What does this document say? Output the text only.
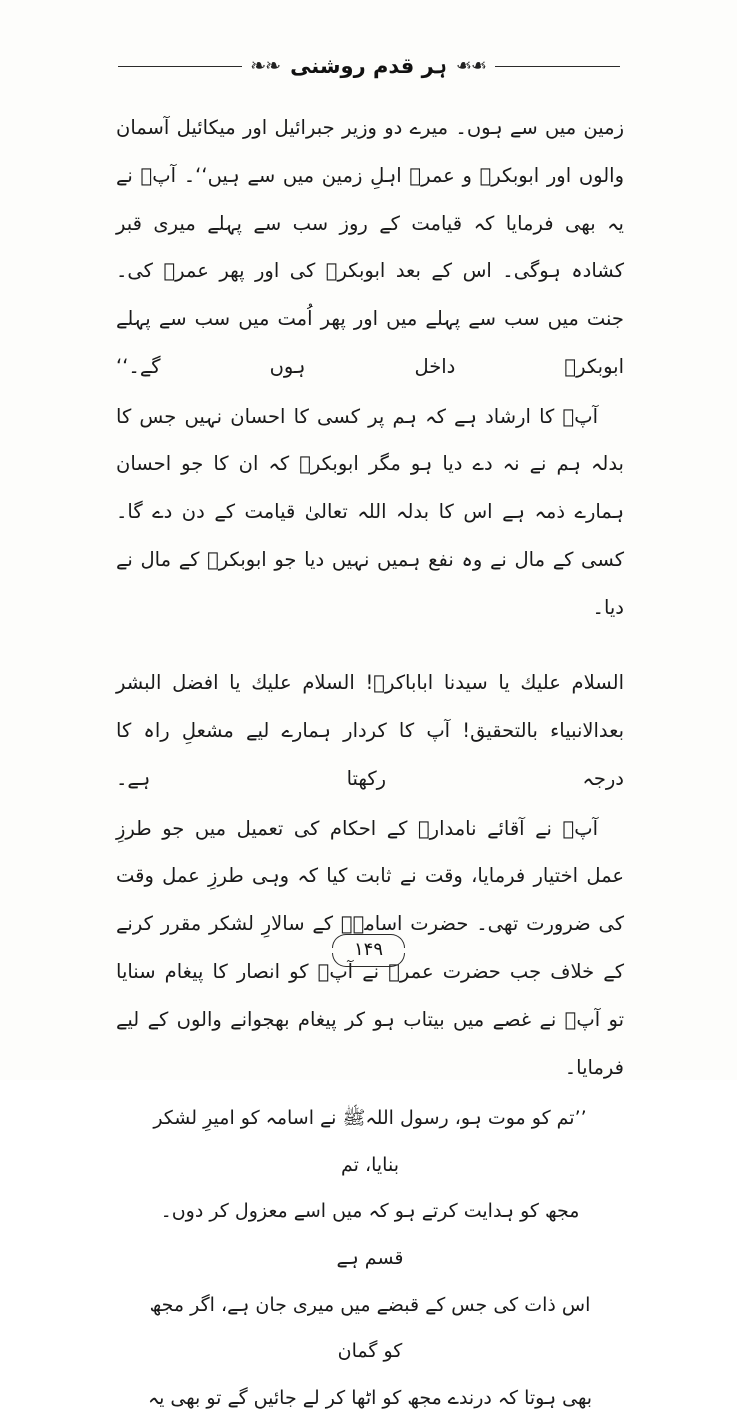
❧❧ ہر قدم روشنی ❧❧

زمین میں سے ہوں۔ میرے دو وزیر جبرائیل اور میکائیل آسمان والوں اور ابوبکرؓ و عمرؓ اہلِ زمین میں سے ہیں‘‘۔ آپﷺ نے یہ بھی فرمایا کہ قیامت کے روز سب سے پہلے میری قبر کشادہ ہوگی۔ اس کے بعد ابوبکرؓ کی اور پھر عمرؓ کی۔ جنت میں سب سے پہلے میں اور پھر اُمت میں سب سے پہلے ابوبکرؓ داخل ہوں گے۔‘‘

آپﷺ کا ارشاد ہے کہ ہم پر کسی کا احسان نہیں جس کا بدلہ ہم نے نہ دے دیا ہو مگر ابوبکرؓ کہ ان کا جو احسان ہمارے ذمہ ہے اس کا بدلہ اللہ تعالیٰ قیامت کے دن دے گا۔ کسی کے مال نے وہ نفع ہمیں نہیں دیا جو ابوبکرؓ کے مال نے دیا۔

السلام علیك یا سیدنا اباباكرؓ! السلام علیك یا افضل البشر بعدالانبیاء بالتحقیق! آپ کا کردار ہمارے لیے مشعلِ راہ کا درجہ رکھتا ہے۔

آپؓ نے آقائے نامدارﷺ کے احکام کی تعمیل میں جو طرزِ عمل اختیار فرمایا، وقت نے ثابت کیا کہ وہی طرزِ عمل وقت کی ضرورت تھی۔ حضرت اسامہؓ کے سالارِ لشکر مقرر کرنے کے خلاف جب حضرت عمرؓ نے آپؓ کو انصار کا پیغام سنایا تو آپؓ نے غصے میں بیتاب ہو کر پیغام بھجوانے والوں کے لیے فرمایا۔

’’تم کو موت ہو، رسول اللہﷺ نے اسامہ کو امیرِ لشکر بنایا، تم
مجھ کو ہدایت کرتے ہو کہ میں اسے معزول کر دوں۔ قسم ہے
اس ذات کی جس کے قبضے میں میری جان ہے، اگر مجھ کو گمان
بھی ہوتا کہ درندے مجھ کو اٹھا کر لے جائیں گے تو بھی یہ
۱۴۹
